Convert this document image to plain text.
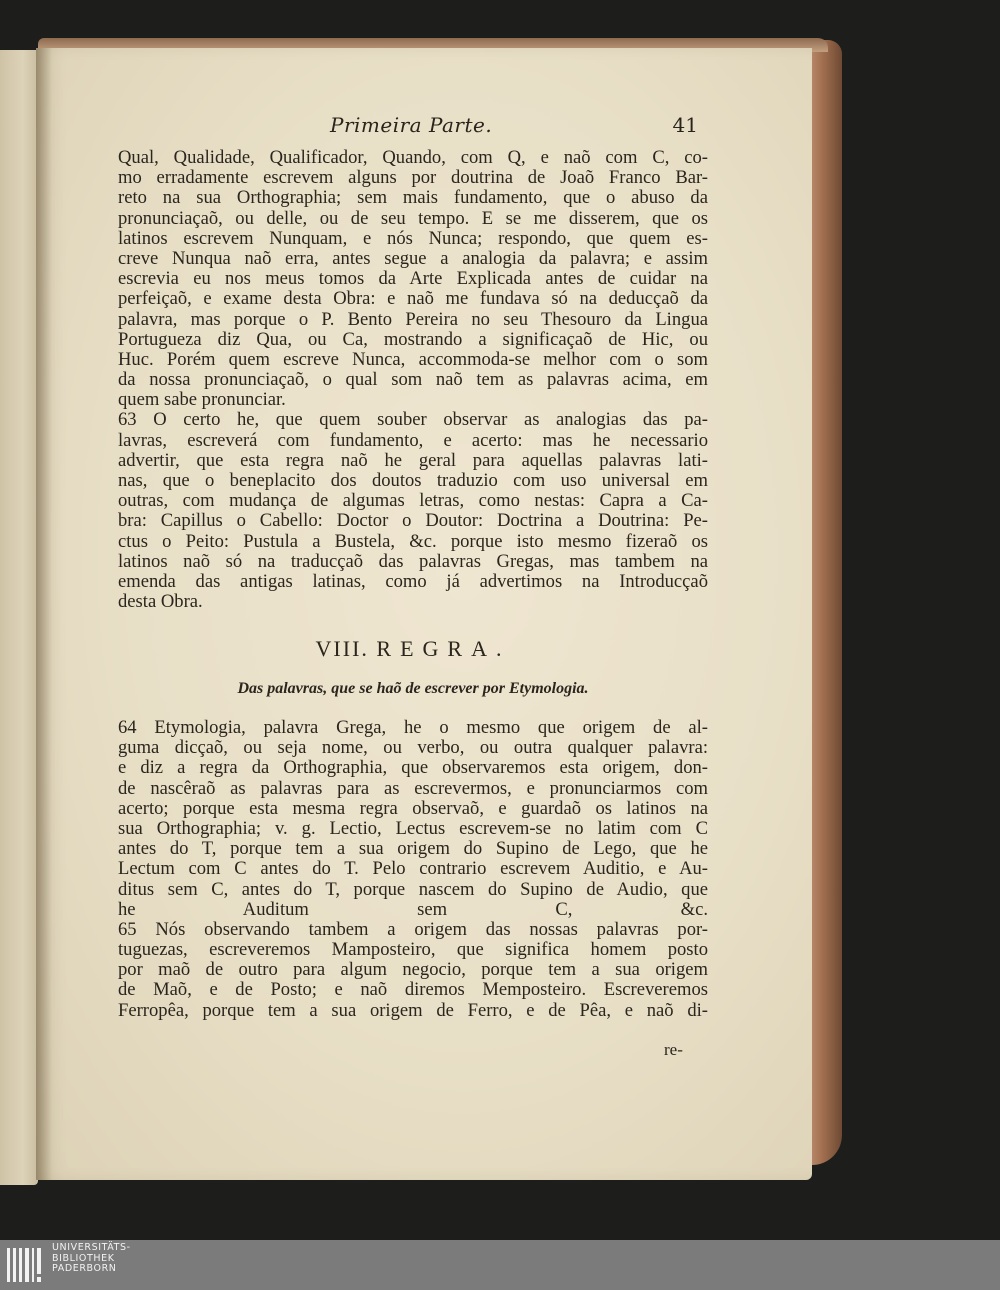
Primeira Parte.	41
Qual, Qualidade, Qualificador, Quando, com Q, e naõ com C, co-
mo erradamente escrevem alguns por doutrina de Joaõ Franco Bar-
reto na sua Orthographia; sem mais fundamento, que o abuso da
pronunciaçaõ, ou delle, ou de seu tempo. E se me disserem, que os
latinos escrevem Nunquam, e nós Nunca; respondo, que quem es-
creve Nunqua naõ erra, antes segue a analogia da palavra; e assim
escrevia eu nos meus tomos da Arte Explicada antes de cuidar na
perfeiçaõ, e exame desta Obra: e naõ me fundava só na deducçaõ da
palavra, mas porque o P. Bento Pereira no seu Thesouro da Lingua
Portugueza diz Qua, ou Ca, mostrando a significaçaõ de Hic, ou
Huc. Porém quem escreve Nunca, accommoda-se melhor com o som
da nossa pronunciaçaõ, o qual som naõ tem as palavras acima, em
quem sabe pronunciar.
63 O certo he, que quem souber observar as analogias das pa-
lavras, escreverá com fundamento, e acerto: mas he necessario
advertir, que esta regra naõ he geral para aquellas palavras lati-
nas, que o beneplacito dos doutos traduzio com uso universal em
outras, com mudança de algumas letras, como nestas: Capra a Ca-
bra: Capillus o Cabello: Doctor o Doutor: Doctrina a Doutrina: Pe-
ctus o Peito: Pustula a Bustela, &c. porque isto mesmo fizeraõ os
latinos naõ só na traducçaõ das palavras Gregas, mas tambem na
emenda das antigas latinas, como já advertimos na Introducçaõ
desta Obra.
VIII. REGRA.
Das palavras, que se haõ de escrever por Etymologia.
64 Etymologia, palavra Grega, he o mesmo que origem de al-
guma dicçaõ, ou seja nome, ou verbo, ou outra qualquer palavra:
e diz a regra da Orthographia, que observaremos esta origem, don-
de nascêraõ as palavras para as escrevermos, e pronunciarmos com
acerto; porque esta mesma regra observaõ, e guardaõ os latinos na
sua Orthographia; v. g. Lectio, Lectus escrevem-se no latim com C
antes do T, porque tem a sua origem do Supino de Lego, que he
Lectum com C antes do T. Pelo contrario escrevem Auditio, e Au-
ditus sem C, antes do T, porque nascem do Supino de Audio, que
he Auditum sem C, &c.
65 Nós observando tambem a origem das nossas palavras por-
tuguezas, escreveremos Mamposteiro, que significa homem posto
por maõ de outro para algum negocio, porque tem a sua origem
de Maõ, e de Posto; e naõ diremos Memposteiro. Escreveremos
Ferropêa, porque tem a sua origem de Ferro, e de Pêa, e naõ di-
re-
UNIVERSITÄTS-
BIBLIOTHEK
PADERBORN
